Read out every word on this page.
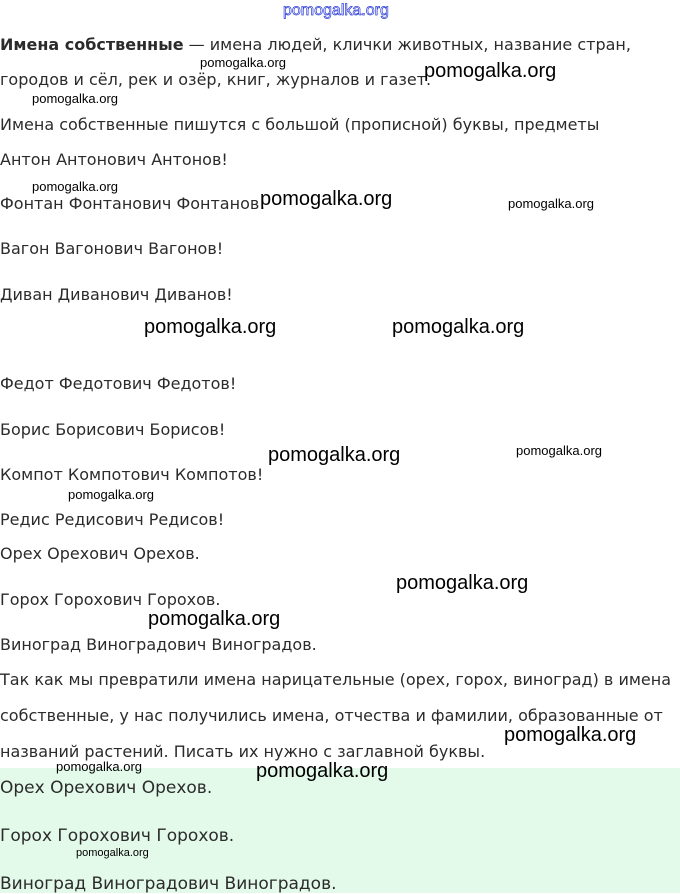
pomogalka.org
Имена собственные — имена людей, клички животных, название стран,
городов и сёл, рек и озёр, книг, журналов и газет.
Имена собственные пишутся с большой (прописной) буквы, предметы
Антон Антонович Антонов!
Фонтан Фонтанович Фонтанов!
Вагон Вагонович Вагонов!
Диван Диванович Диванов!
Федот Федотович Федотов!
Борис Борисович Борисов!
Компот Компотович Компотов!
Редис Редисович Редисов!
Орех Орехович Орехов.
Горох Горохович Горохов.
Виноград Виноградович Виноградов.
Так как мы превратили имена нарицательные (орех, горох, виноград) в имена
собственные, у нас получились имена, отчества и фамилии, образованные от
названий растений. Писать их нужно с заглавной буквы.
Орех Орехович Орехов.
Горох Горохович Горохов.
Виноград Виноградович Виноградов.
pomogalka.org	pomogalka.org
pomogalka.org
pomogalka.org
pomogalka.org	pomogalka.org
pomogalka.org	pomogalka.org
pomogalka.org
pomogalka.org
pomogalka.org
pomogalka.org
pomogalka.org
pomogalka.org
pomogalka.org	pomogalka.org
pomogalka.org
